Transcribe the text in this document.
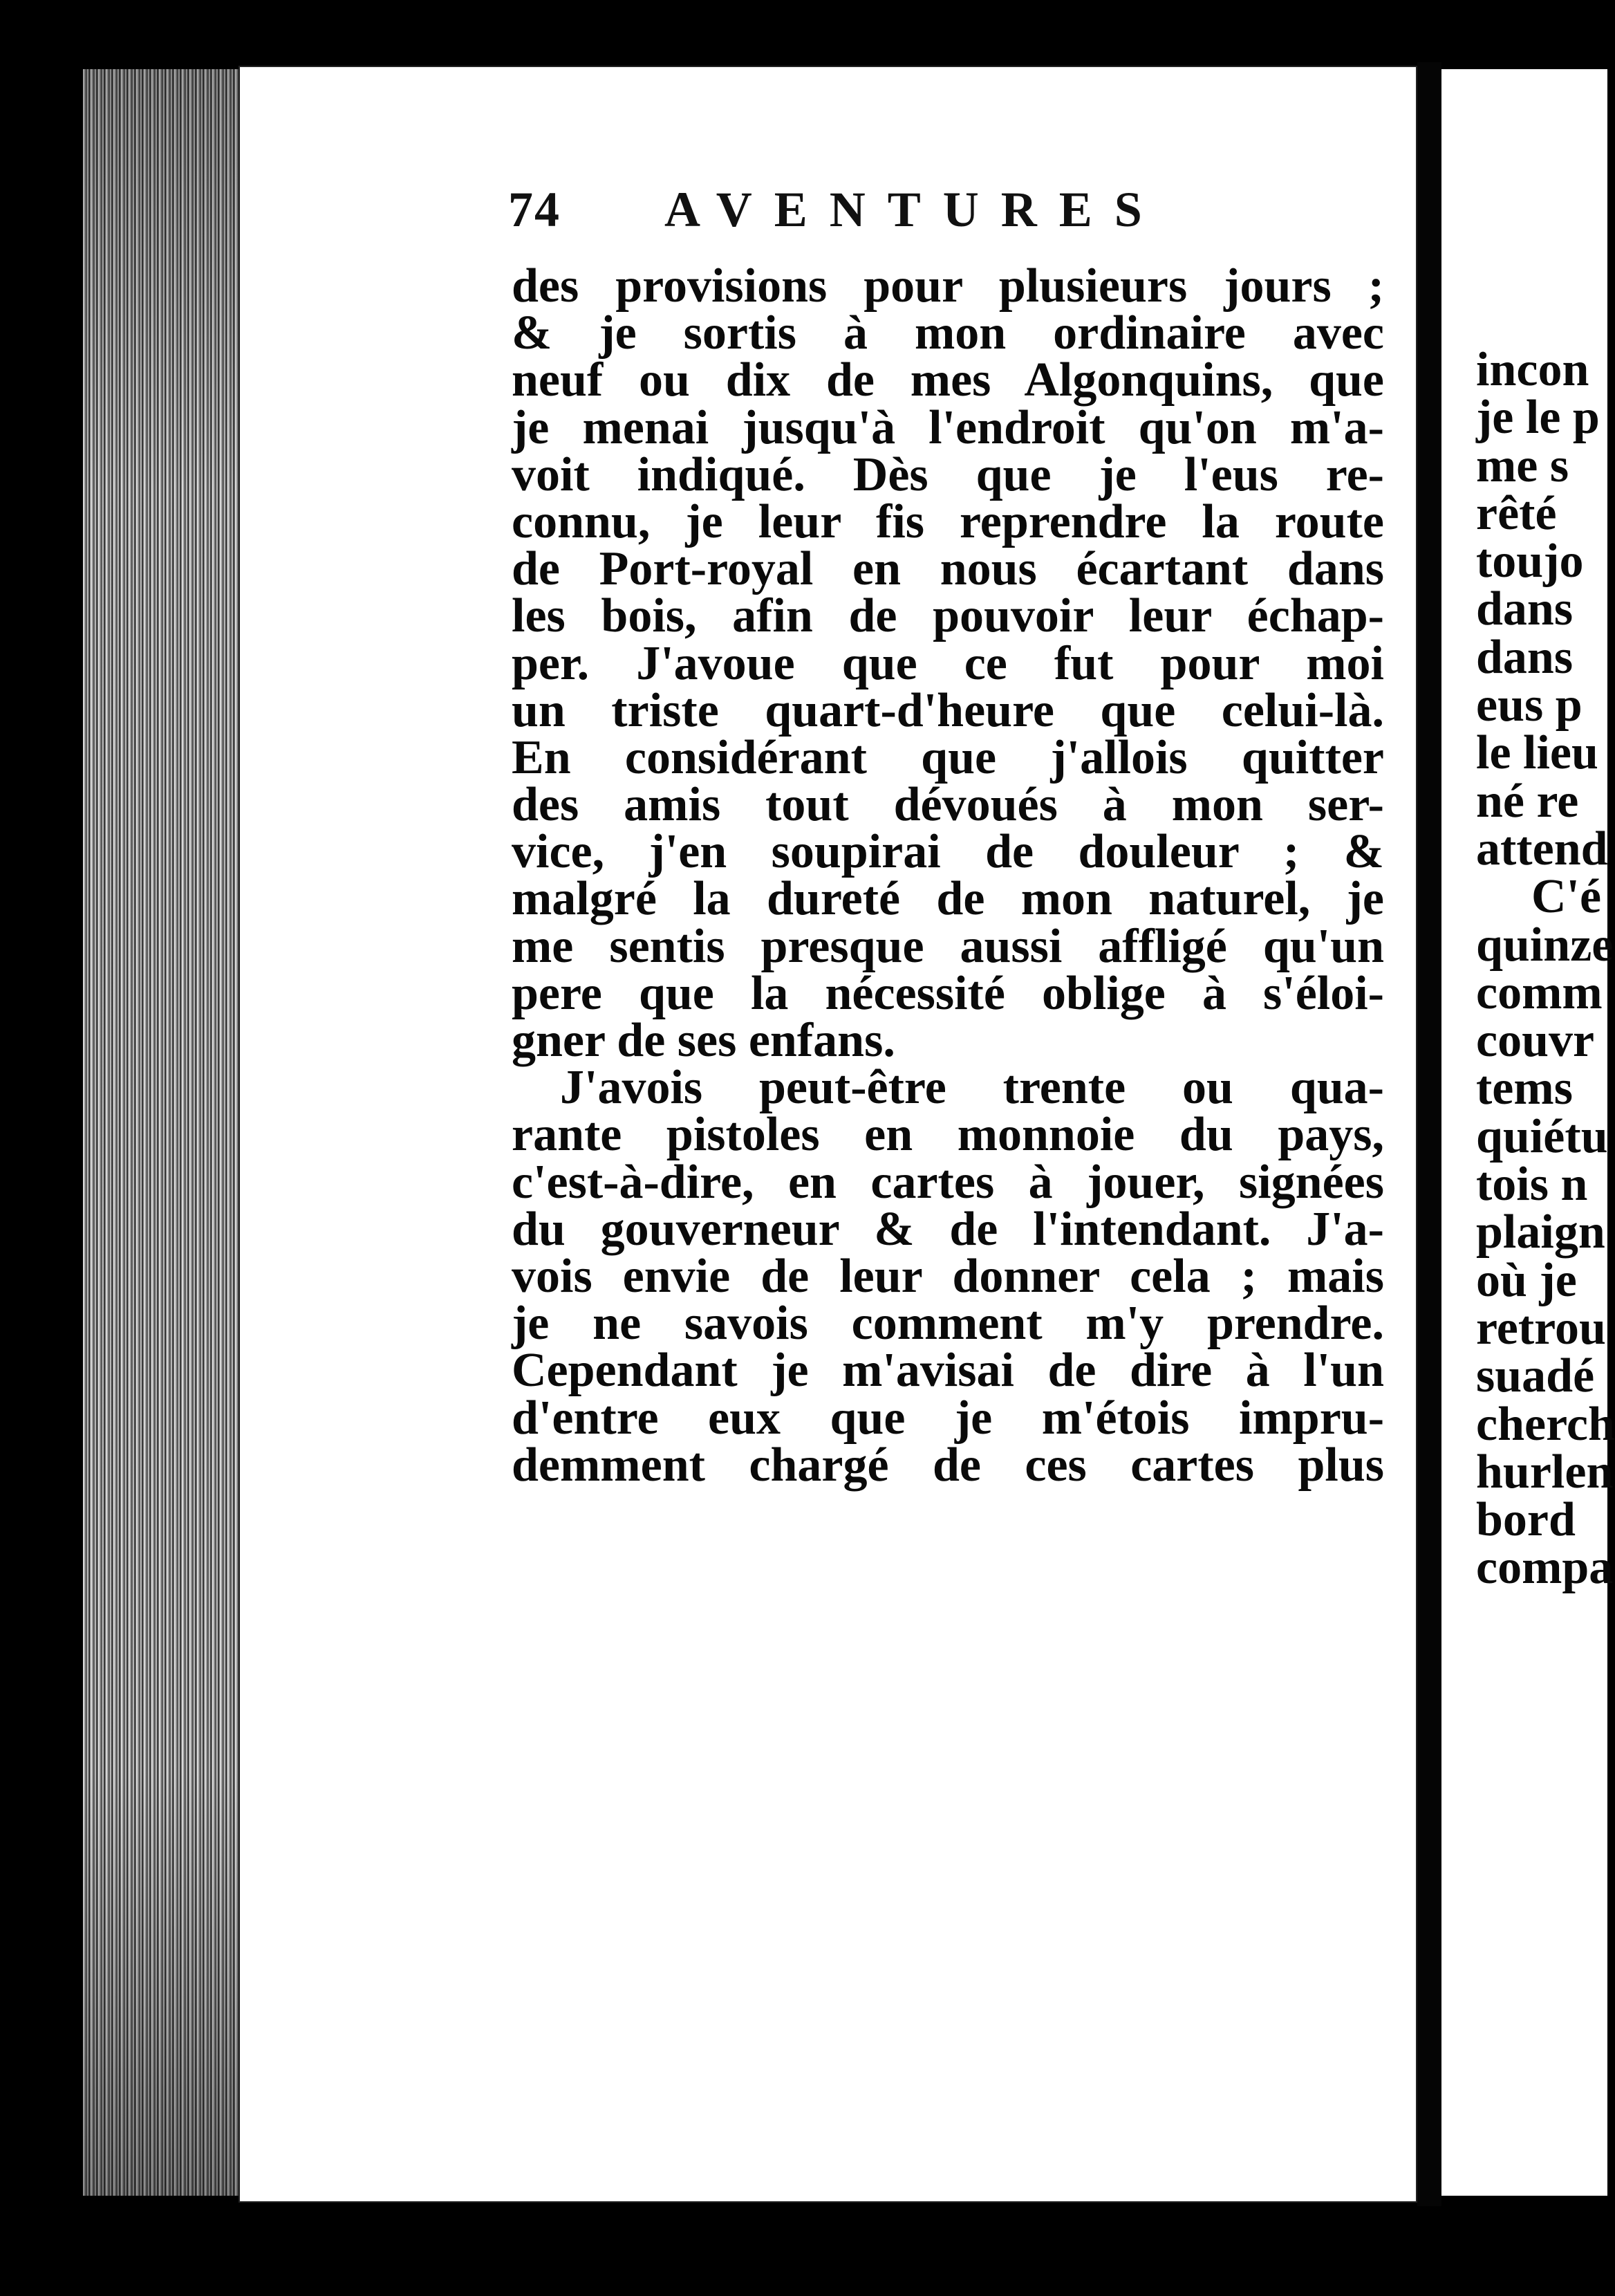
74 AVENTURES
des provisions pour plusieurs jours ;
& je sortis à mon ordinaire avec
neuf ou dix de mes Algonquins, que
je menai jusqu'à l'endroit qu'on m'a-
voit indiqué. Dès que je l'eus re-
connu, je leur fis reprendre la route
de Port-royal en nous écartant dans
les bois, afin de pouvoir leur échap-
per. J'avoue que ce fut pour moi
un triste quart-d'heure que celui-là.
En considérant que j'allois quitter
des amis tout dévoués à mon ser-
vice, j'en soupirai de douleur ; &
malgré la dureté de mon naturel, je
me sentis presque aussi affligé qu'un
pere que la nécessité oblige à s'éloi-
gner de ses enfans.
J'avois peut-être trente ou qua-
rante pistoles en monnoie du pays,
c'est-à-dire, en cartes à jouer, signées
du gouverneur & de l'intendant. J'a-
vois envie de leur donner cela ; mais
je ne savois comment m'y prendre.
Cependant je m'avisai de dire à l'un
d'entre eux que je m'étois impru-
demment chargé de ces cartes plus
incon
je le p
me s
rêté
toujo
dans
dans
eus p
le lieu
né re
attend
C'é
quinze
comm
couvr
tems
quiétu
tois n
plaign
où je
retrou
suadé
cherch
hurlen
bord
compa
